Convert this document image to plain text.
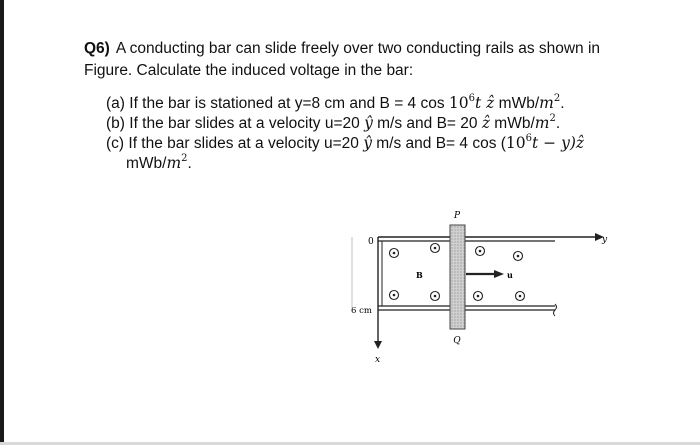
Q6) A conducting bar can slide freely over two conducting rails as shown in
Figure. Calculate the induced voltage in the bar:
(a) If the bar is stationed at y=8 cm and B = 4 $\cos 10^6t$ ẑ mWb/$m^2$.
(b) If the bar slides at a velocity u=20 ŷ m/s and B= 20 ẑ mWb/$m^2$.
(c) If the bar slides at a velocity u=20 ŷ m/s and B= 4 $\cos (10^6t$ − y)ẑ
mWb/$m^2$.
P
Q
y
x
0
B	u
6 cm
